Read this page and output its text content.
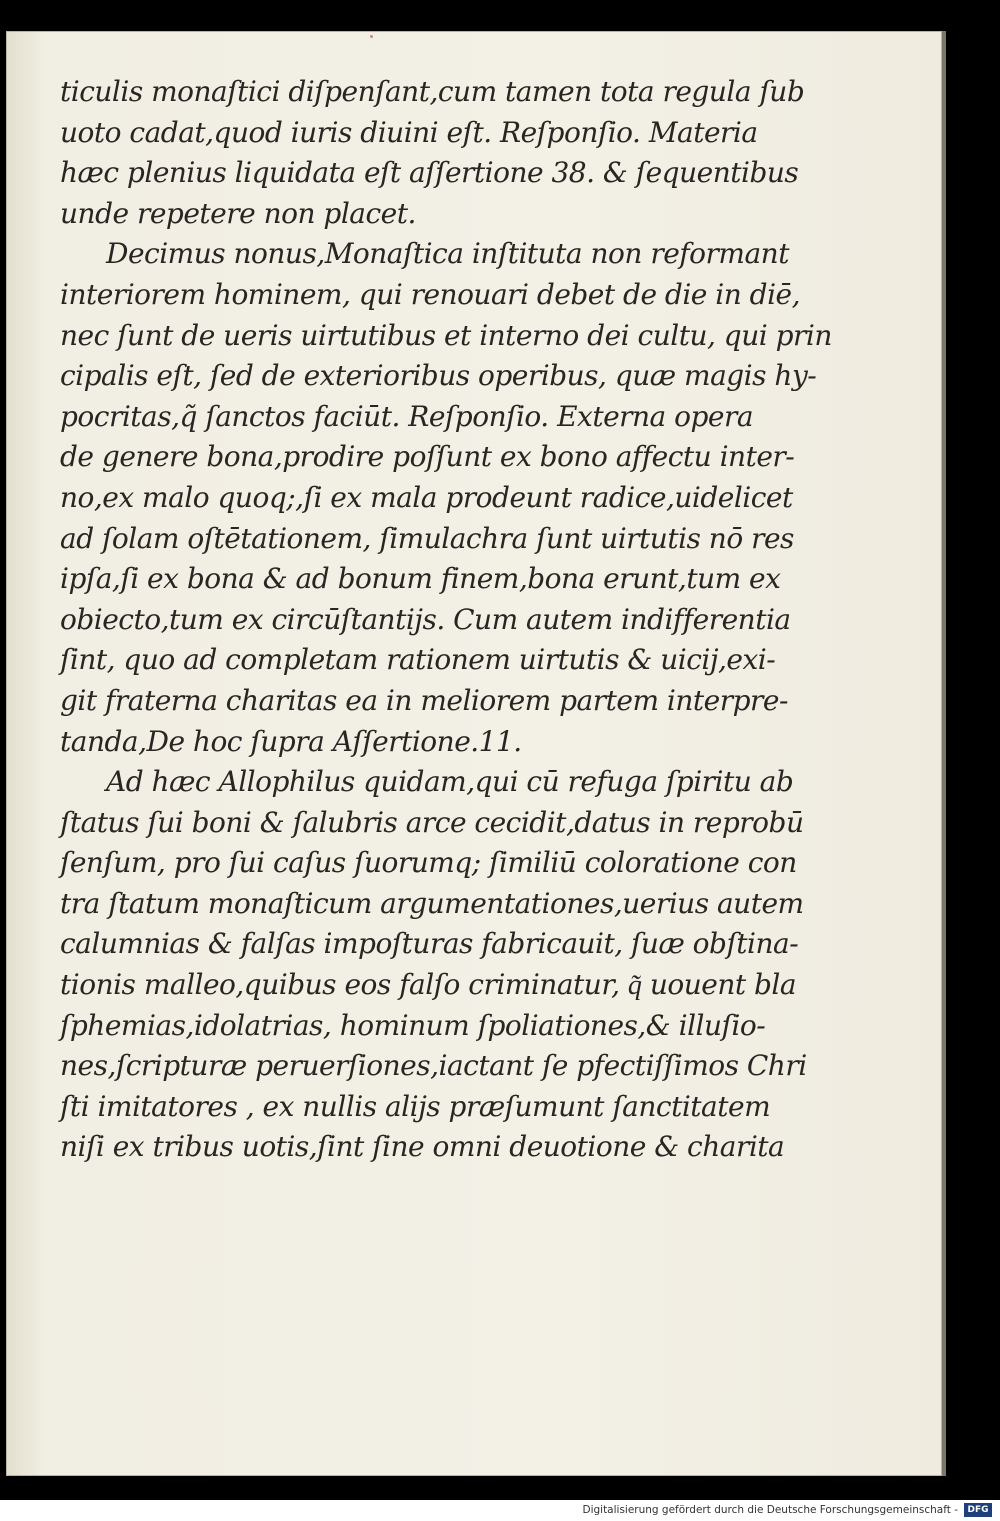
ticulis monaſtici diſpenſant,cum tamen tota regula ſub
uoto cadat,quod iuris diuini eſt. Reſponſio. Materia
hæc plenius liquidata eſt aſſertione 38. & ſequentibus
unde repetere non placet.
Decimus nonus,Monaſtica inſtituta non reformant
interiorem hominem, qui renouari debet de die in diē,
nec ſunt de ueris uirtutibus et interno dei cultu, qui prin
cipalis eſt, ſed de exterioribus operibus, quæ magis hy-
pocritas,q̃ ſanctos faciūt. Reſponſio. Externa opera
de genere bona,prodire poſſunt ex bono affectu inter-
no,ex malo quoq;,ſi ex mala prodeunt radice,uidelicet
ad ſolam oſtētationem, ſimulachra ſunt uirtutis nō res
ipſa,ſi ex bona & ad bonum finem,bona erunt,tum ex
obiecto,tum ex circūſtantijs. Cum autem indifferentia
ſint, quo ad completam rationem uirtutis & uicij,exi-
git fraterna charitas ea in meliorem partem interpre-
tanda,De hoc ſupra Aſſertione.11.
Ad hæc Allophilus quidam,qui cū refuga ſpiritu ab
ſtatus ſui boni & ſalubris arce cecidit,datus in reprobū
ſenſum, pro ſui caſus ſuorumq; ſimiliū coloratione con
tra ſtatum monaſticum argumentationes,uerius autem
calumnias & falſas impoſturas fabricauit, ſuæ obſtina-
tionis malleo,quibus eos falſo criminatur, q͂ uouent bla
ſphemias,idolatrias, hominum ſpoliationes,& illuſio-
nes,ſcripturæ peruerſiones,iactant ſe pfectiſſimos Chri
ſti imitatores , ex nullis alijs præſumunt ſanctitatem
niſi ex tribus uotis,ſint ſine omni deuotione & charita
Digitalisierung gefördert durch die Deutsche Forschungsgemeinschaft -	DFG
